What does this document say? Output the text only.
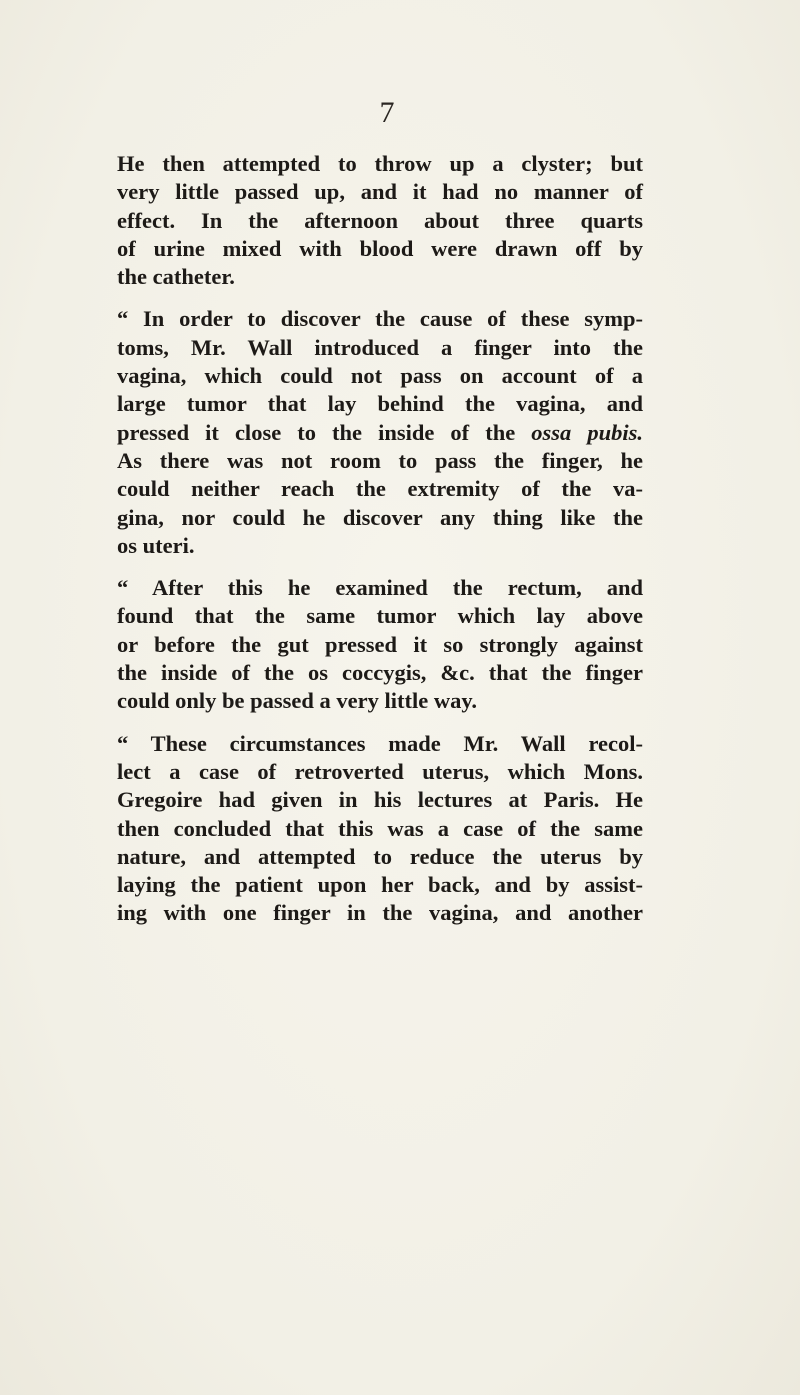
7

He then attempted to throw up a clyster; but
very little passed up, and it had no manner of
effect. In the afternoon about three quarts
of urine mixed with blood were drawn off by
the catheter.

“ In order to discover the cause of these symp-
toms, Mr. Wall introduced a finger into the
vagina, which could not pass on account of a
large tumor that lay behind the vagina, and
pressed it close to the inside of the ossa pubis.
As there was not room to pass the finger, he
could neither reach the extremity of the va-
gina, nor could he discover any thing like the
os uteri.

“ After this he examined the rectum, and
found that the same tumor which lay above
or before the gut pressed it so strongly against
the inside of the os coccygis, &c. that the finger
could only be passed a very little way.

“ These circumstances made Mr. Wall recol-
lect a case of retroverted uterus, which Mons.
Gregoire had given in his lectures at Paris. He
then concluded that this was a case of the same
nature, and attempted to reduce the uterus by
laying the patient upon her back, and by assist-
ing with one finger in the vagina, and another
